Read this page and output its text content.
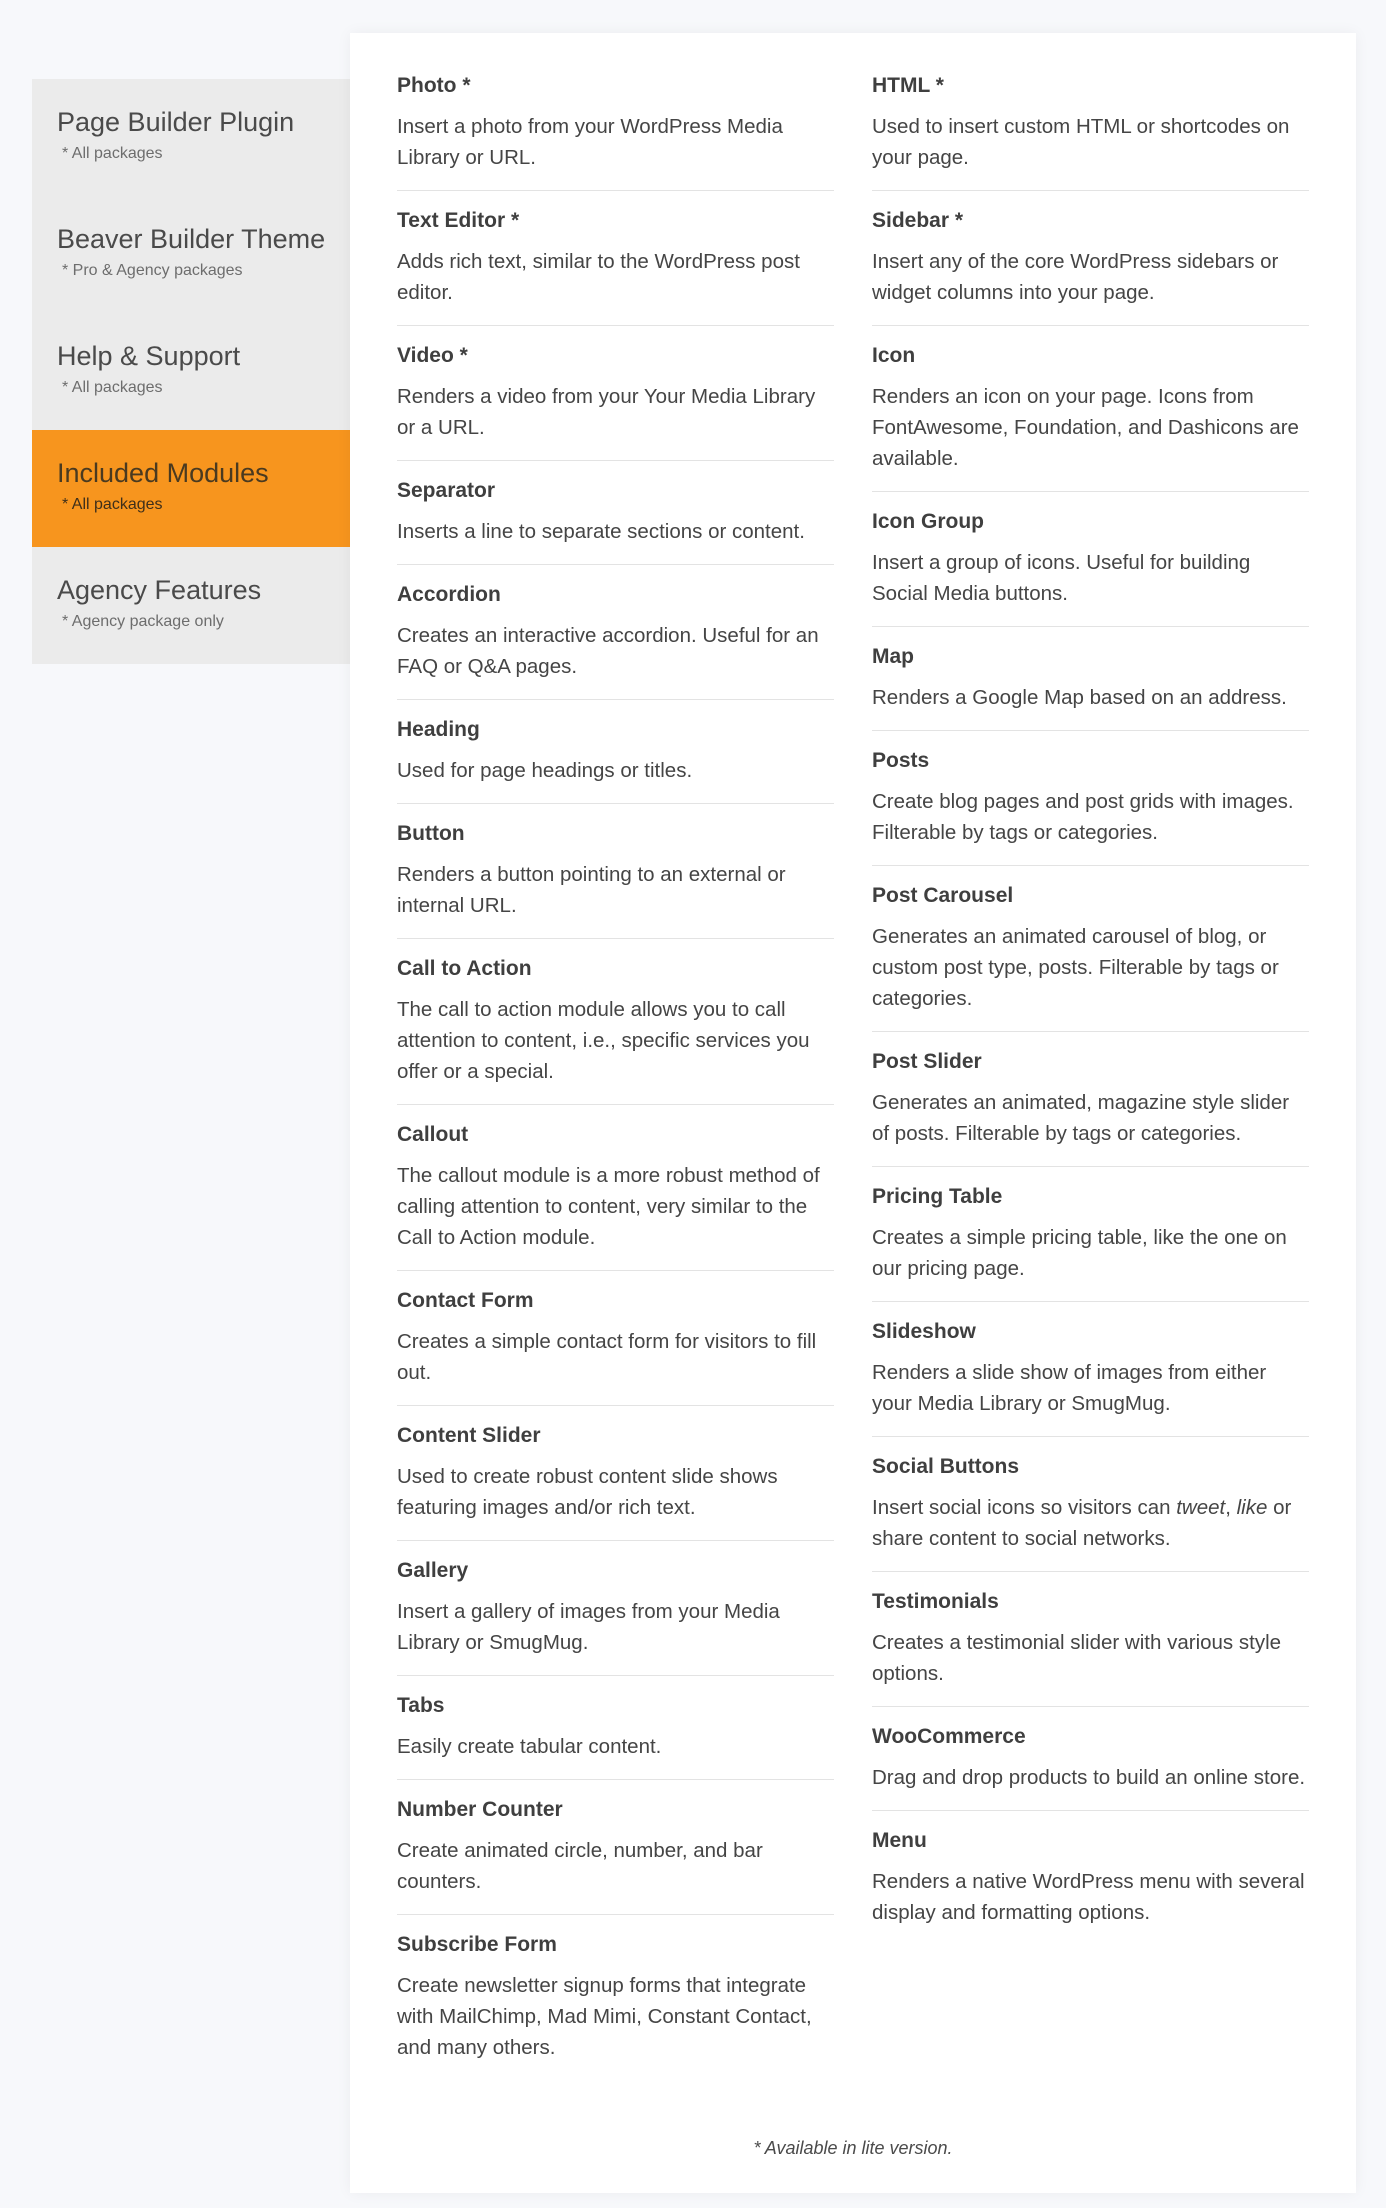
Page Builder Plugin
* All packages
Beaver Builder Theme
* Pro & Agency packages
Help & Support
* All packages
Included Modules
* All packages
Agency Features
* Agency package only
Photo *
Insert a photo from your WordPress Media Library or URL.
Text Editor *
Adds rich text, similar to the WordPress post editor.
Video *
Renders a video from your Your Media Library or a URL.
Separator
Inserts a line to separate sections or content.
Accordion
Creates an interactive accordion. Useful for an FAQ or Q&A pages.
Heading
Used for page headings or titles.
Button
Renders a button pointing to an external or internal URL.
Call to Action
The call to action module allows you to call attention to content, i.e., specific services you offer or a special.
Callout
The callout module is a more robust method of calling attention to content, very similar to the Call to Action module.
Contact Form
Creates a simple contact form for visitors to fill out.
Content Slider
Used to create robust content slide shows featuring images and/or rich text.
Gallery
Insert a gallery of images from your Media Library or SmugMug.
Tabs
Easily create tabular content.
Number Counter
Create animated circle, number, and bar counters.
Subscribe Form
Create newsletter signup forms that integrate with MailChimp, Mad Mimi, Constant Contact, and many others.
HTML *
Used to insert custom HTML or shortcodes on your page.
Sidebar *
Insert any of the core WordPress sidebars or widget columns into your page.
Icon
Renders an icon on your page. Icons from FontAwesome, Foundation, and Dashicons are available.
Icon Group
Insert a group of icons. Useful for building Social Media buttons.
Map
Renders a Google Map based on an address.
Posts
Create blog pages and post grids with images. Filterable by tags or categories.
Post Carousel
Generates an animated carousel of blog, or custom post type, posts. Filterable by tags or categories.
Post Slider
Generates an animated, magazine style slider of posts. Filterable by tags or categories.
Pricing Table
Creates a simple pricing table, like the one on our pricing page.
Slideshow
Renders a slide show of images from either your Media Library or SmugMug.
Social Buttons
Insert social icons so visitors can tweet, like or share content to social networks.
Testimonials
Creates a testimonial slider with various style options.
WooCommerce
Drag and drop products to build an online store.
Menu
Renders a native WordPress menu with several display and formatting options.
* Available in lite version.
